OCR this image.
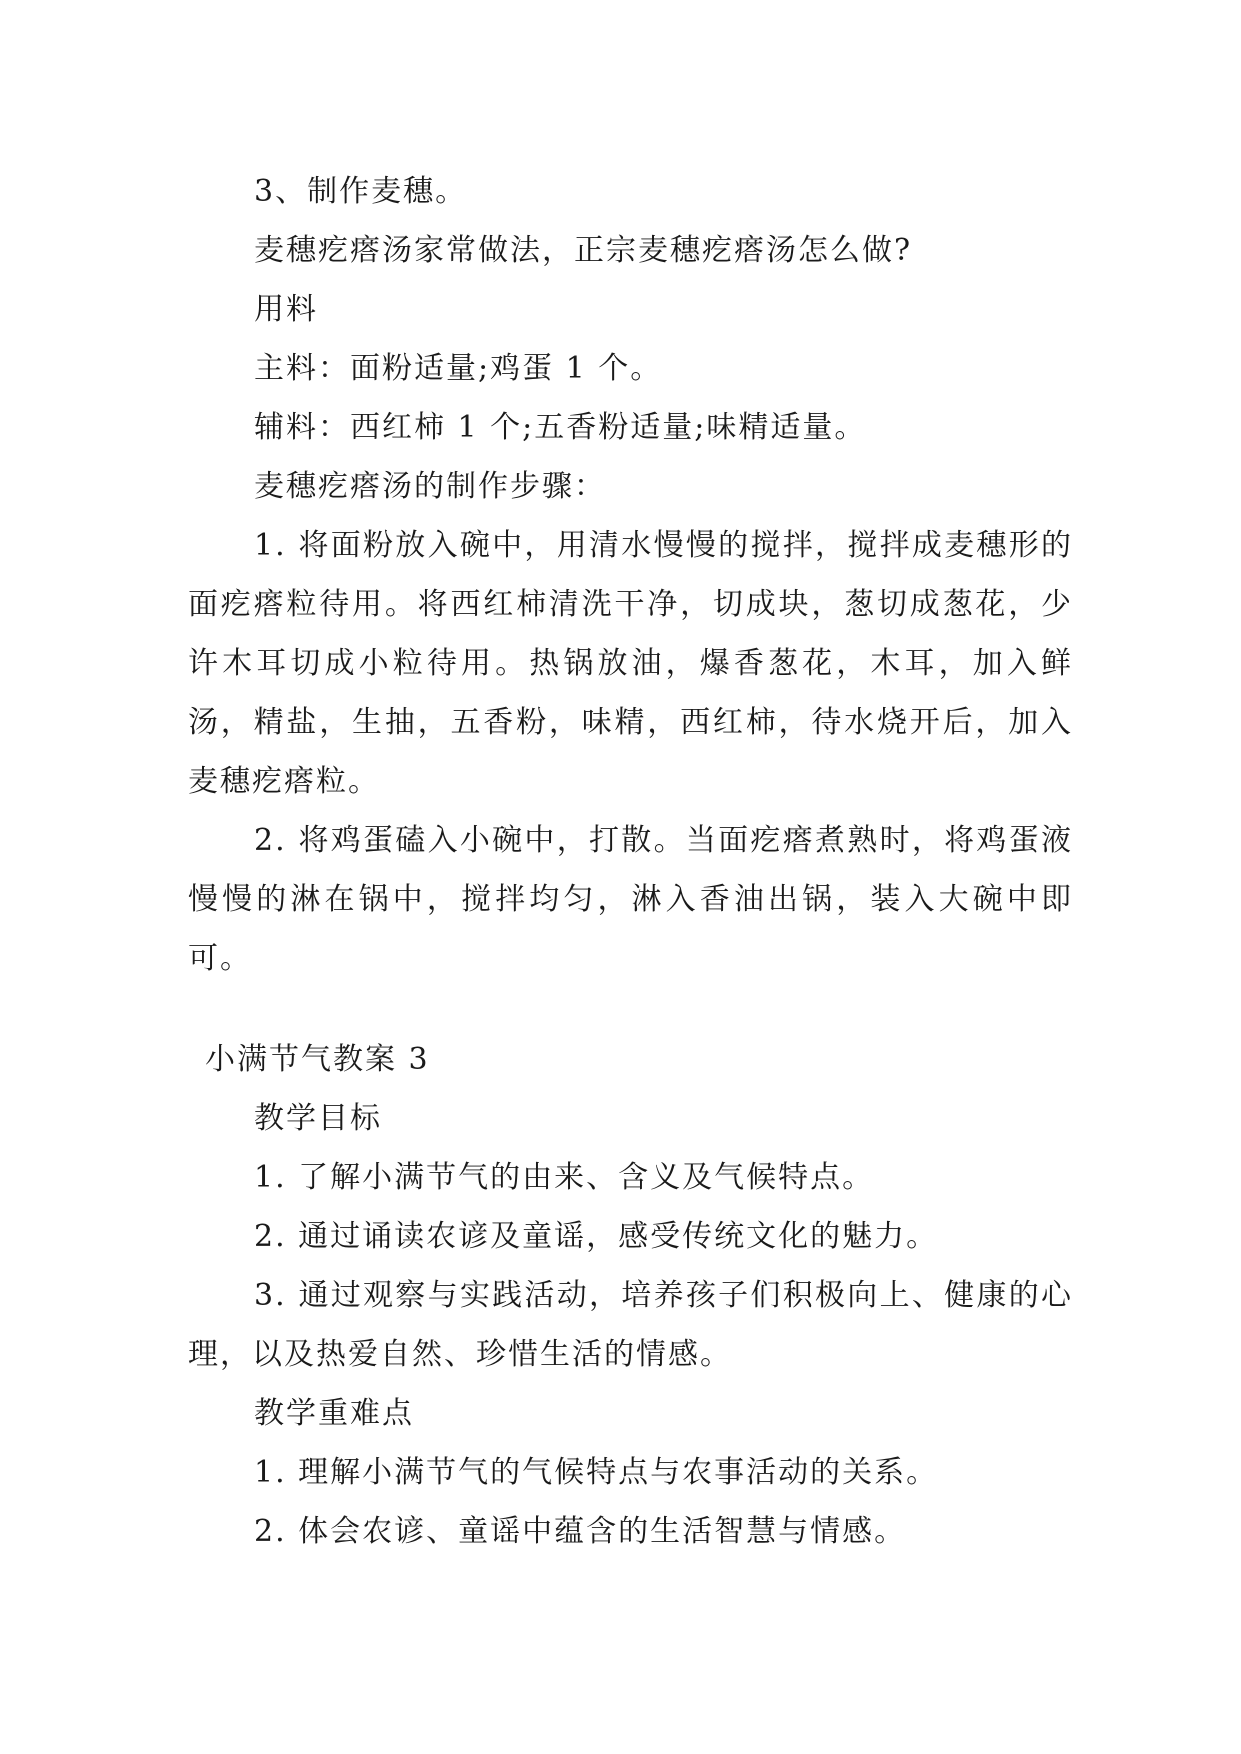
3、制作麦穗。

麦穗疙瘩汤家常做法，正宗麦穗疙瘩汤怎么做?

用料

主料：面粉适量;鸡蛋 1 个。

辅料：西红柿 1 个;五香粉适量;味精适量。

麦穗疙瘩汤的制作步骤：

1. 将面粉放入碗中，用清水慢慢的搅拌，搅拌成麦穗形的面疙瘩粒待用。将西红柿清洗干净，切成块，葱切成葱花，少许木耳切成小粒待用。热锅放油，爆香葱花，木耳，加入鲜汤，精盐，生抽，五香粉，味精，西红柿，待水烧开后，加入麦穗疙瘩粒。

2. 将鸡蛋磕入小碗中，打散。当面疙瘩煮熟时，将鸡蛋液慢慢的淋在锅中，搅拌均匀，淋入香油出锅，装入大碗中即可。

小满节气教案 3

教学目标

1. 了解小满节气的由来、含义及气候特点。

2. 通过诵读农谚及童谣，感受传统文化的魅力。

3. 通过观察与实践活动，培养孩子们积极向上、健康的心理，以及热爱自然、珍惜生活的情感。

教学重难点

1. 理解小满节气的气候特点与农事活动的关系。

2. 体会农谚、童谣中蕴含的生活智慧与情感。
